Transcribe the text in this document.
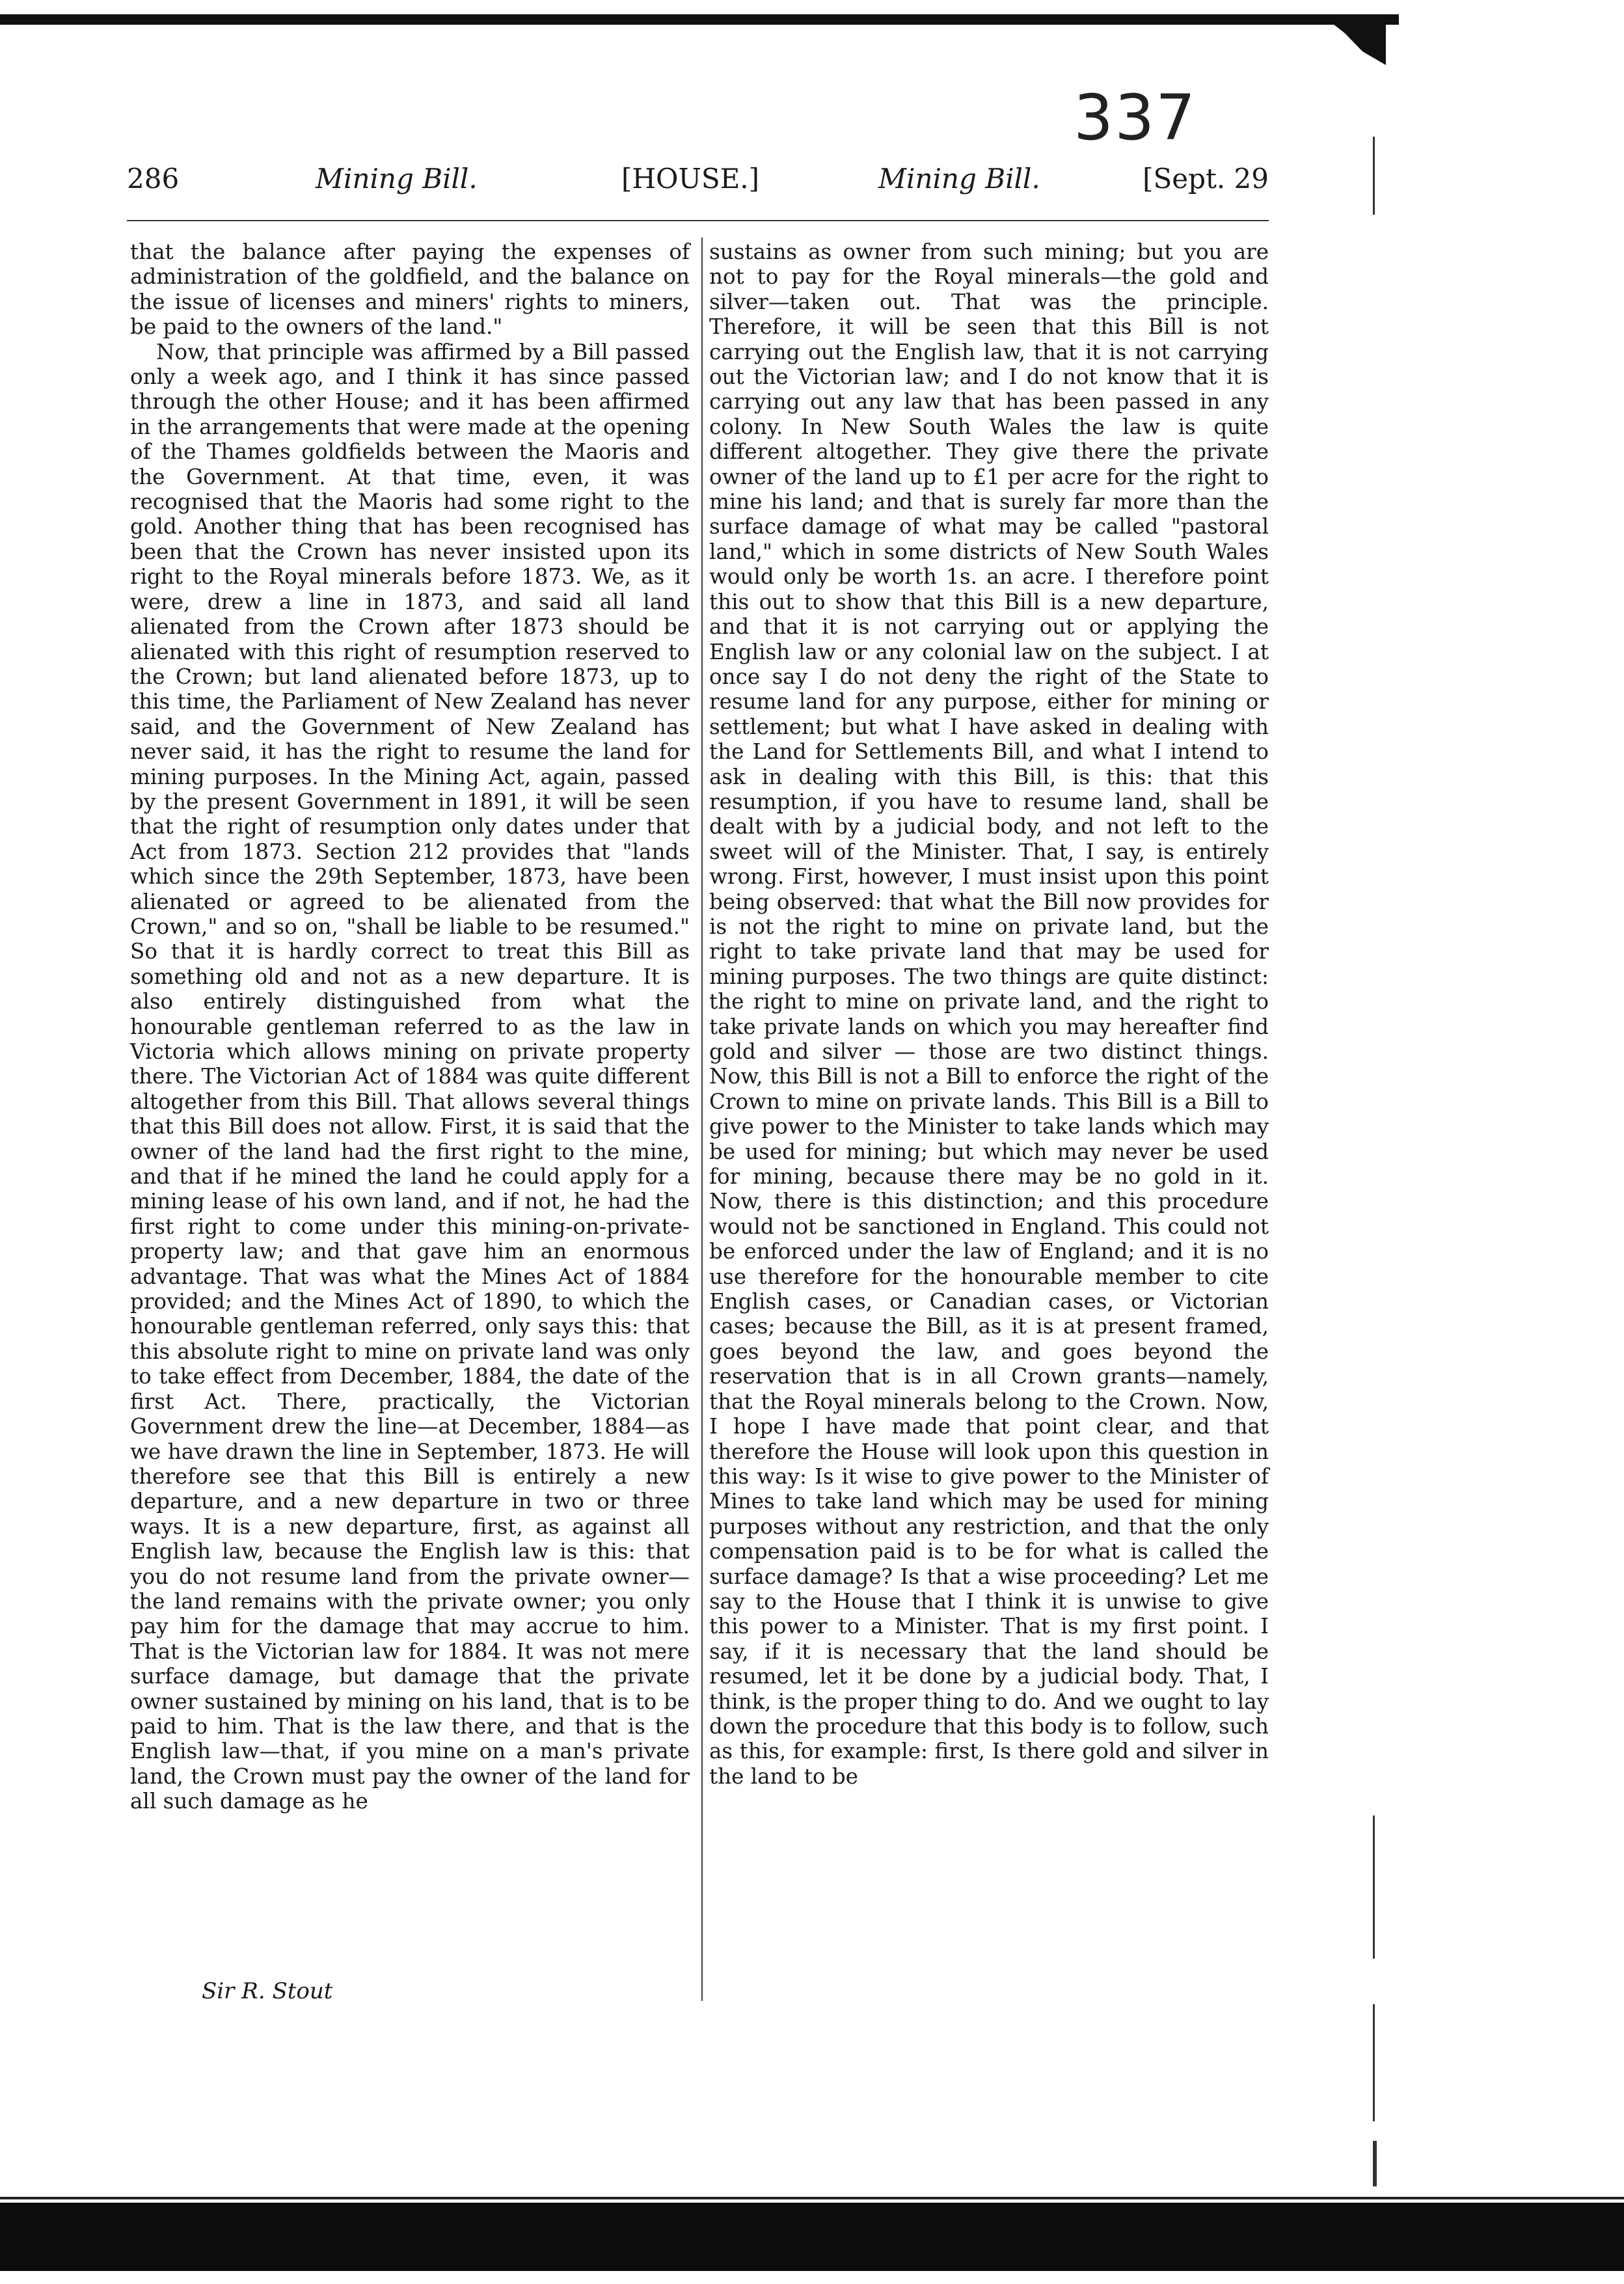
337
286	Mining Bill.	[HOUSE.]	Mining Bill.	[Sept. 29

that the balance after paying the expenses of administration of the goldfield, and the balance on the issue of licenses and miners' rights to miners, be paid to the owners of the land."

Now, that principle was affirmed by a Bill passed only a week ago, and I think it has since passed through the other House; and it has been affirmed in the arrangements that were made at the opening of the Thames goldfields between the Maoris and the Government. At that time, even, it was recognised that the Maoris had some right to the gold. Another thing that has been recognised has been that the Crown has never insisted upon its right to the Royal minerals before 1873. We, as it were, drew a line in 1873, and said all land alienated from the Crown after 1873 should be alienated with this right of resumption reserved to the Crown; but land alienated before 1873, up to this time, the Parliament of New Zealand has never said, and the Government of New Zealand has never said, it has the right to resume the land for mining purposes. In the Mining Act, again, passed by the present Government in 1891, it will be seen that the right of resumption only dates under that Act from 1873. Section 212 provides that "lands which since the 29th September, 1873, have been alienated or agreed to be alienated from the Crown," and so on, "shall be liable to be resumed." So that it is hardly correct to treat this Bill as something old and not as a new departure. It is also entirely distinguished from what the honourable gentleman referred to as the law in Victoria which allows mining on private property there. The Victorian Act of 1884 was quite different altogether from this Bill. That allows several things that this Bill does not allow. First, it is said that the owner of the land had the first right to the mine, and that if he mined the land he could apply for a mining lease of his own land, and if not, he had the first right to come under this mining-on-private-property law; and that gave him an enormous advantage. That was what the Mines Act of 1884 provided; and the Mines Act of 1890, to which the honourable gentleman referred, only says this: that this absolute right to mine on private land was only to take effect from December, 1884, the date of the first Act. There, practically, the Victorian Government drew the line—at December, 1884—as we have drawn the line in September, 1873. He will therefore see that this Bill is entirely a new departure, and a new departure in two or three ways. It is a new departure, first, as against all English law, because the English law is this: that you do not resume land from the private owner—the land remains with the private owner; you only pay him for the damage that may accrue to him. That is the Victorian law for 1884. It was not mere surface damage, but damage that the private owner sustained by mining on his land, that is to be paid to him. That is the law there, and that is the English law—that, if you mine on a man's private land, the Crown must pay the owner of the land for all such damage as he

sustains as owner from such mining; but you are not to pay for the Royal minerals—the gold and silver—taken out. That was the principle. Therefore, it will be seen that this Bill is not carrying out the English law, that it is not carrying out the Victorian law; and I do not know that it is carrying out any law that has been passed in any colony. In New South Wales the law is quite different altogether. They give there the private owner of the land up to £1 per acre for the right to mine his land; and that is surely far more than the surface damage of what may be called "pastoral land," which in some districts of New South Wales would only be worth 1s. an acre. I therefore point this out to show that this Bill is a new departure, and that it is not carrying out or applying the English law or any colonial law on the subject. I at once say I do not deny the right of the State to resume land for any purpose, either for mining or settlement; but what I have asked in dealing with the Land for Settlements Bill, and what I intend to ask in dealing with this Bill, is this: that this resumption, if you have to resume land, shall be dealt with by a judicial body, and not left to the sweet will of the Minister. That, I say, is entirely wrong. First, however, I must insist upon this point being observed: that what the Bill now provides for is not the right to mine on private land, but the right to take private land that may be used for mining purposes. The two things are quite distinct: the right to mine on private land, and the right to take private lands on which you may hereafter find gold and silver — those are two distinct things. Now, this Bill is not a Bill to enforce the right of the Crown to mine on private lands. This Bill is a Bill to give power to the Minister to take lands which may be used for mining; but which may never be used for mining, because there may be no gold in it. Now, there is this distinction; and this procedure would not be sanctioned in England. This could not be enforced under the law of England; and it is no use therefore for the honourable member to cite English cases, or Canadian cases, or Victorian cases; because the Bill, as it is at present framed, goes beyond the law, and goes beyond the reservation that is in all Crown grants—namely, that the Royal minerals belong to the Crown. Now, I hope I have made that point clear, and that therefore the House will look upon this question in this way: Is it wise to give power to the Minister of Mines to take land which may be used for mining purposes without any restriction, and that the only compensation paid is to be for what is called the surface damage? Is that a wise proceeding? Let me say to the House that I think it is unwise to give this power to a Minister. That is my first point. I say, if it is necessary that the land should be resumed, let it be done by a judicial body. That, I think, is the proper thing to do. And we ought to lay down the procedure that this body is to follow, such as this, for example: first, Is there gold and silver in the land to be

Sir R. Stout
